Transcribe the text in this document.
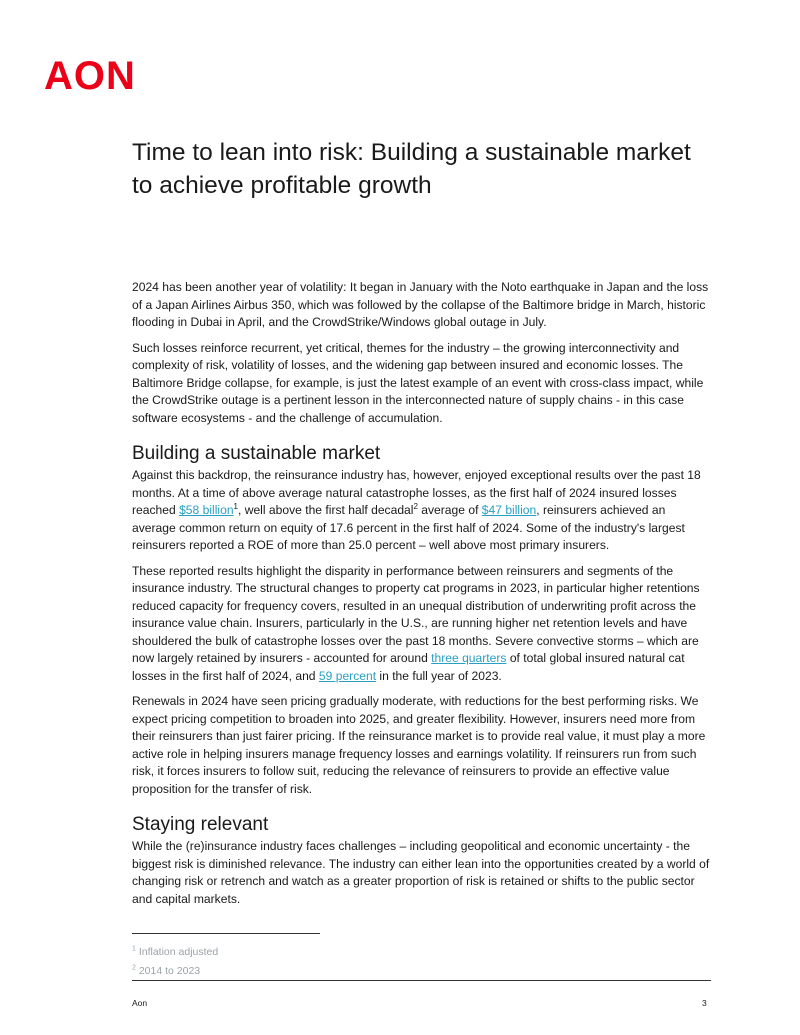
AON
Time to lean into risk: Building a sustainable market to achieve profitable growth

2024 has been another year of volatility: It began in January with the Noto earthquake in Japan and the loss of a Japan Airlines Airbus 350, which was followed by the collapse of the Baltimore bridge in March, historic flooding in Dubai in April, and the CrowdStrike/Windows global outage in July.

Such losses reinforce recurrent, yet critical, themes for the industry – the growing interconnectivity and complexity of risk, volatility of losses, and the widening gap between insured and economic losses. The Baltimore Bridge collapse, for example, is just the latest example of an event with cross-class impact, while the CrowdStrike outage is a pertinent lesson in the interconnected nature of supply chains - in this case software ecosystems - and the challenge of accumulation.

Building a sustainable market

Against this backdrop, the reinsurance industry has, however, enjoyed exceptional results over the past 18 months. At a time of above average natural catastrophe losses, as the first half of 2024 insured losses reached $58 billion$^1$, well above the first half decadal$^2$ average of $47 billion, reinsurers achieved an average common return on equity of 17.6 percent in the first half of 2024. Some of the industry's largest reinsurers reported a ROE of more than 25.0 percent – well above most primary insurers.

These reported results highlight the disparity in performance between reinsurers and segments of the insurance industry. The structural changes to property cat programs in 2023, in particular higher retentions reduced capacity for frequency covers, resulted in an unequal distribution of underwriting profit across the insurance value chain. Insurers, particularly in the U.S., are running higher net retention levels and have shouldered the bulk of catastrophe losses over the past 18 months. Severe convective storms – which are now largely retained by insurers - accounted for around three quarters of total global insured natural cat losses in the first half of 2024, and 59 percent in the full year of 2023.

Renewals in 2024 have seen pricing gradually moderate, with reductions for the best performing risks. We expect pricing competition to broaden into 2025, and greater flexibility. However, insurers need more from their reinsurers than just fairer pricing. If the reinsurance market is to provide real value, it must play a more active role in helping insurers manage frequency losses and earnings volatility. If reinsurers run from such risk, it forces insurers to follow suit, reducing the relevance of reinsurers to provide an effective value proposition for the transfer of risk.

Staying relevant

While the (re)insurance industry faces challenges – including geopolitical and economic uncertainty - the biggest risk is diminished relevance. The industry can either lean into the opportunities created by a world of changing risk or retrench and watch as a greater proportion of risk is retained or shifts to the public sector and capital markets.

$^1$ Inflation adjusted
$^2$ 2014 to 2023
Aon	3
